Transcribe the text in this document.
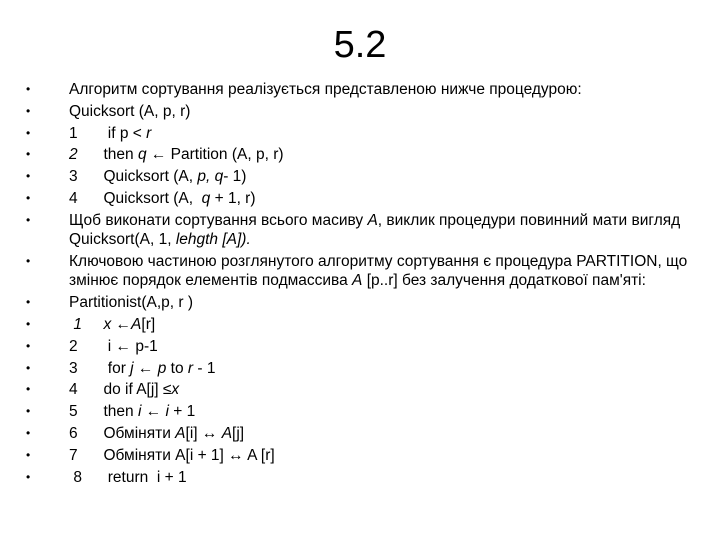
5.2
•	Алгоритм сортування реалізується представленою нижче процедурою:
•	Quicksort (A, p, r)
•	1       if p < r
•	2      then q ← Partition (A, p, r)
•	3      Quicksort (A, p, q- 1)
•	4      Quicksort (A,  q + 1, r)
•	Щоб виконати сортування всього масиву A, виклик процедури повинний мати вигляд Quicksort(A, 1, lehgth [A]).
•	Ключовою частиною розглянутого алгоритму сортування є процедура PARTITION, що змінює порядок елементів подмассива A [p..r] без залучення додаткової пам'яті:
•	Partitionist(A,p, r )
•	1 x ←A[r]
•	2       i ← p-1
•	3       for j ← p to r - 1
•	4      do if A[j] ≤x
•	5      then i ← i + 1
•	6      Обміняти A[i] ↔ A[j]
•	7      Обміняти A[i + 1] ↔ A [r]
•	8      return  i + 1
